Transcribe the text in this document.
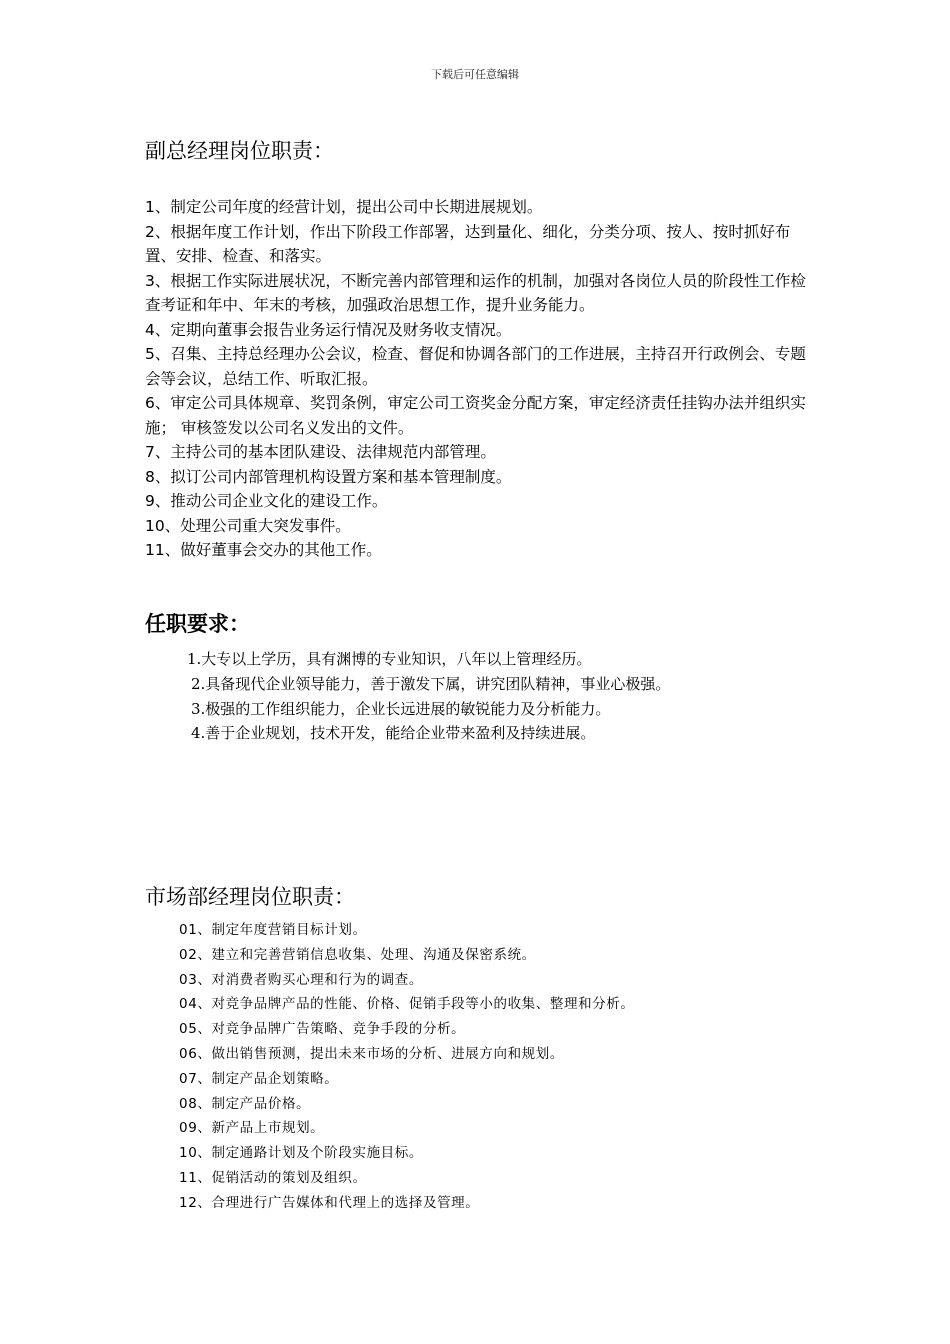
下载后可任意编辑
副总经理岗位职责：
1、制定公司年度的经营计划，提出公司中长期进展规划。
2、根据年度工作计划，作出下阶段工作部署，达到量化、细化，分类分项、按人、按时抓好布置、安排、检查、和落实。
3、根据工作实际进展状况，不断完善内部管理和运作的机制，加强对各岗位人员的阶段性工作检查考证和年中、年末的考核，加强政治思想工作，提升业务能力。
4、定期向董事会报告业务运行情况及财务收支情况。
5、召集、主持总经理办公会议，检查、督促和协调各部门的工作进展，主持召开行政例会、专题会等会议，总结工作、听取汇报。
6、审定公司具体规章、奖罚条例，审定公司工资奖金分配方案，审定经济责任挂钩办法并组织实施； 审核签发以公司名义发出的文件。
7、主持公司的基本团队建设、法律规范内部管理。
8、拟订公司内部管理机构设置方案和基本管理制度。
9、推动公司企业文化的建设工作。
10、处理公司重大突发事件。
11、做好董事会交办的其他工作。
任职要求：
1.大专以上学历，具有渊博的专业知识，八年以上管理经历。
2.具备现代企业领导能力，善于激发下属，讲究团队精神，事业心极强。
3.极强的工作组织能力，企业长远进展的敏锐能力及分析能力。
4.善于企业规划，技术开发，能给企业带来盈利及持续进展。
市场部经理岗位职责：
01、制定年度营销目标计划。
02、建立和完善营销信息收集、处理、沟通及保密系统。
03、对消费者购买心理和行为的调查。
04、对竞争品牌产品的性能、价格、促销手段等小的收集、整理和分析。
05、对竞争品牌广告策略、竞争手段的分析。
06、做出销售预测，提出未来市场的分析、进展方向和规划。
07、制定产品企划策略。
08、制定产品价格。
09、新产品上市规划。
10、制定通路计划及个阶段实施目标。
11、促销活动的策划及组织。
12、合理进行广告媒体和代理上的选择及管理。
